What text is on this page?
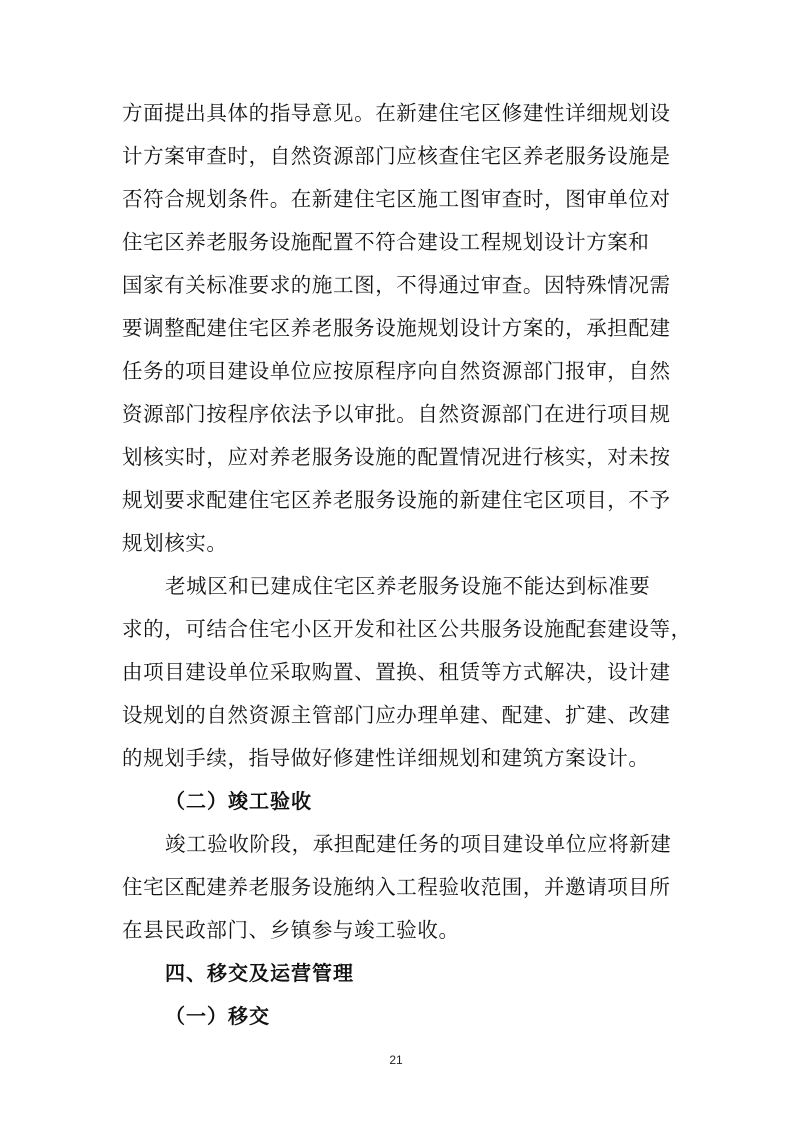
方面提出具体的指导意见。在新建住宅区修建性详细规划设
计方案审查时，自然资源部门应核查住宅区养老服务设施是
否符合规划条件。在新建住宅区施工图审查时，图审单位对
住宅区养老服务设施配置不符合建设工程规划设计方案和
国家有关标准要求的施工图，不得通过审查。因特殊情况需
要调整配建住宅区养老服务设施规划设计方案的，承担配建
任务的项目建设单位应按原程序向自然资源部门报审，自然
资源部门按程序依法予以审批。自然资源部门在进行项目规
划核实时，应对养老服务设施的配置情况进行核实，对未按
规划要求配建住宅区养老服务设施的新建住宅区项目，不予
规划核实。
老城区和已建成住宅区养老服务设施不能达到标准要
求的，可结合住宅小区开发和社区公共服务设施配套建设等，
由项目建设单位采取购置、置换、租赁等方式解决，设计建
设规划的自然资源主管部门应办理单建、配建、扩建、改建
的规划手续，指导做好修建性详细规划和建筑方案设计。
（二）竣工验收
竣工验收阶段，承担配建任务的项目建设单位应将新建
住宅区配建养老服务设施纳入工程验收范围，并邀请项目所
在县民政部门、乡镇参与竣工验收。
四、移交及运营管理
（一）移交
21
